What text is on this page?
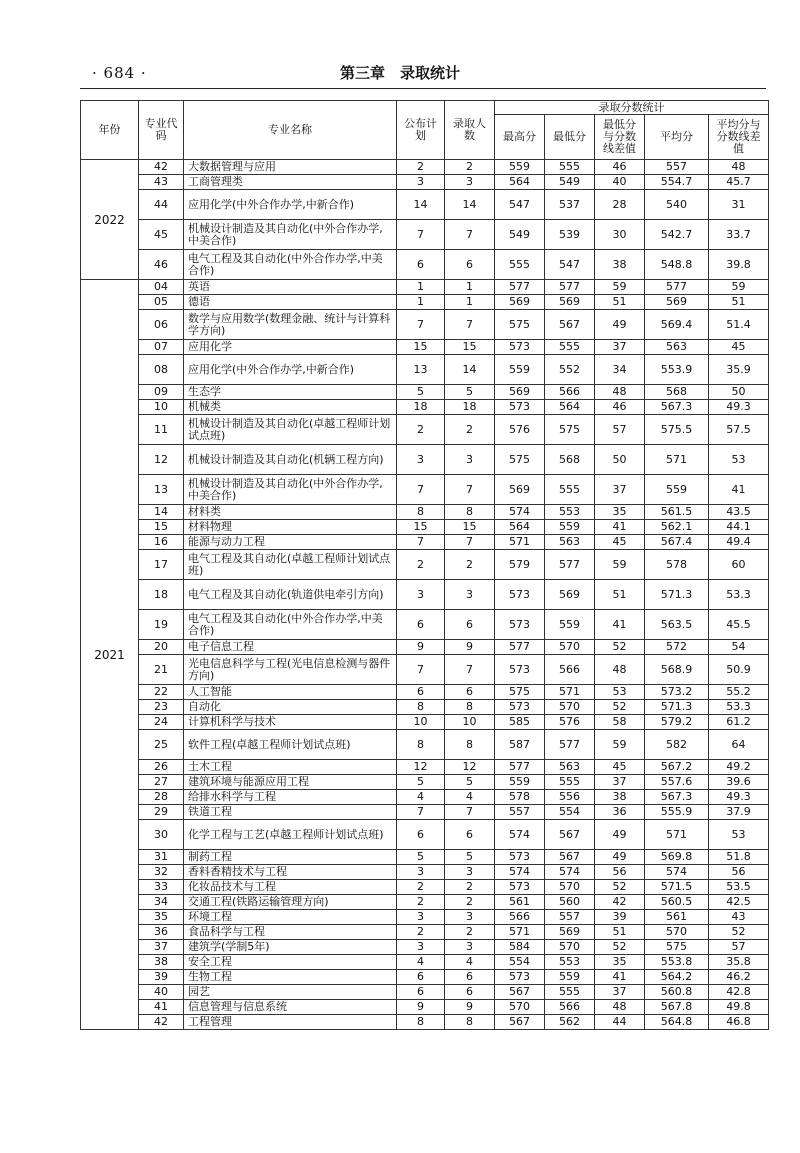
· 684 ·	第三章　录取统计
年份	专业代码	专业名称	公布计划	录取人数	录取分数统计				
					最高分	最低分	最低分与分数线差值	平均分	平均分与分数线差值
2022	42	大数据管理与应用	2	2	559	555	46	557	48
	43	工商管理类	3	3	564	549	40	554.7	45.7
	44	应用化学(中外合作办学,中新合作)	14	14	547	537	28	540	31
	45	机械设计制造及其自动化(中外合作办学,中美合作)	7	7	549	539	30	542.7	33.7
	46	电气工程及其自动化(中外合作办学,中美合作)	6	6	555	547	38	548.8	39.8
2021	04	英语	1	1	577	577	59	577	59
	05	德语	1	1	569	569	51	569	51
	06	数学与应用数学(数理金融、统计与计算科学方向)	7	7	575	567	49	569.4	51.4
	07	应用化学	15	15	573	555	37	563	45
	08	应用化学(中外合作办学,中新合作)	13	14	559	552	34	553.9	35.9
	09	生态学	5	5	569	566	48	568	50
	10	机械类	18	18	573	564	46	567.3	49.3
	11	机械设计制造及其自动化(卓越工程师计划试点班)	2	2	576	575	57	575.5	57.5
	12	机械设计制造及其自动化(机辆工程方向)	3	3	575	568	50	571	53
	13	机械设计制造及其自动化(中外合作办学,中美合作)	7	7	569	555	37	559	41
	14	材料类	8	8	574	553	35	561.5	43.5
	15	材料物理	15	15	564	559	41	562.1	44.1
	16	能源与动力工程	7	7	571	563	45	567.4	49.4
	17	电气工程及其自动化(卓越工程师计划试点班)	2	2	579	577	59	578	60
	18	电气工程及其自动化(轨道供电牵引方向)	3	3	573	569	51	571.3	53.3
	19	电气工程及其自动化(中外合作办学,中美合作)	6	6	573	559	41	563.5	45.5
	20	电子信息工程	9	9	577	570	52	572	54
	21	光电信息科学与工程(光电信息检测与器件方向)	7	7	573	566	48	568.9	50.9
	22	人工智能	6	6	575	571	53	573.2	55.2
	23	自动化	8	8	573	570	52	571.3	53.3
	24	计算机科学与技术	10	10	585	576	58	579.2	61.2
	25	软件工程(卓越工程师计划试点班)	8	8	587	577	59	582	64
	26	土木工程	12	12	577	563	45	567.2	49.2
	27	建筑环境与能源应用工程	5	5	559	555	37	557.6	39.6
	28	给排水科学与工程	4	4	578	556	38	567.3	49.3
	29	铁道工程	7	7	557	554	36	555.9	37.9
	30	化学工程与工艺(卓越工程师计划试点班)	6	6	574	567	49	571	53
	31	制药工程	5	5	573	567	49	569.8	51.8
	32	香料香精技术与工程	3	3	574	574	56	574	56
	33	化妆品技术与工程	2	2	573	570	52	571.5	53.5
	34	交通工程(铁路运输管理方向)	2	2	561	560	42	560.5	42.5
	35	环境工程	3	3	566	557	39	561	43
	36	食品科学与工程	2	2	571	569	51	570	52
	37	建筑学(学制5年)	3	3	584	570	52	575	57
	38	安全工程	4	4	554	553	35	553.8	35.8
	39	生物工程	6	6	573	559	41	564.2	46.2
	40	园艺	6	6	567	555	37	560.8	42.8
	41	信息管理与信息系统	9	9	570	566	48	567.8	49.8
	42	工程管理	8	8	567	562	44	564.8	46.8
